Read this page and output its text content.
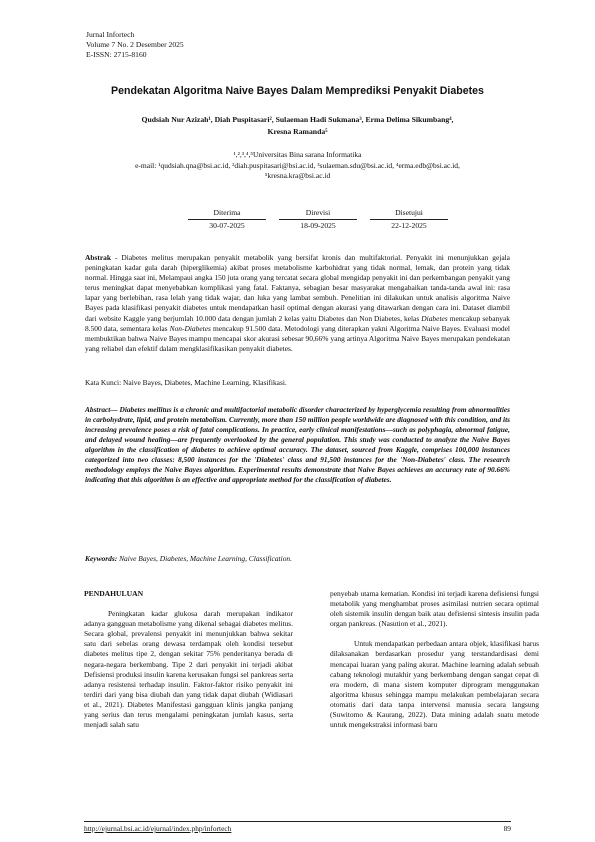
Jurnal Infortech
Volume 7 No. 2 Desember 2025
E-ISSN: 2715-8160
Pendekatan Algoritma Naive Bayes Dalam Memprediksi Penyakit Diabetes
Qudsiah Nur Azizah¹, Diah Puspitasari², Sulaeman Hadi Sukmana³, Erma Delima Sikumbang⁴,
Kresna Ramanda⁵
¹,²,³,⁴,⁵Universitas Bina sarana Informatika
e-mail: ¹qudsiah.qna@bsi.ac.id, ²diah.puspitasari@bsi.ac.id, ³sulaeman.sdu@bsi.ac.id, ⁴erma.edb@bsi.ac.id,
⁵kresna.kra@bsi.ac.id
Diterima
30-07-2025
Direvisi
18-09-2025
Disetujui
22-12-2025
Abstrak - Diabetes melitus merupakan penyakit metabolik yang bersifat kronis dan multifaktorial. Penyakit ini menunjukkan gejala peningkatan kadar gula darah (hiperglikemia) akibat proses metabolisme karbohidrat yang tidak normal, lemak, dan protein yang tidak normal. Hingga saat ini, Melampaui angka 150 juta orang yang tercatat secara global mengidap penyakit ini dan perkembangan penyakit yang terus meningkat dapat menyebabkan komplikasi yang fatal. Faktanya, sebagian besar masyarakat mengabaikan tanda-tanda awal ini: rasa lapar yang berlebihan, rasa lelah yang tidak wajar, dan luka yang lambat sembuh. Penelitian ini dilakukan untuk analisis algoritma Naive Bayes pada klasifikasi penyakit diabetes untuk mendapatkan hasil optimal dengan akurasi yang ditawarkan dengan cara ini. Dataset diambil dari website Kaggle yang berjumlah 10.000 data dengan jumlah 2 kelas yaitu Diabetes dan Non Diabetes, kelas Diabetes mencakup sebanyak 8.500 data, sementara kelas Non-Diabetes mencakup 91.500 data. Metodologi yang diterapkan yakni Algoritma Naive Bayes. Evaluasi model membuktikan bahwa Naive Bayes mampu mencapai skor akurasi sebesar 90,66% yang artinya Algoritma Naive Bayes merupakan pendekatan yang reliabel dan efektif dalam mengklasifikasikan penyakit diabetes.
Kata Kunci: Naive Bayes, Diabetes, Machine Learning, Klasifikasi.
Abstract— Diabetes mellitus is a chronic and multifactorial metabolic disorder characterized by hyperglycemia resulting from abnormalities in carbohydrate, lipid, and protein metabolism. Currently, more than 150 million people worldwide are diagnosed with this condition, and its increasing prevalence poses a risk of fatal complications. In practice, early clinical manifestations—such as polyphagia, abnormal fatigue, and delayed wound healing—are frequently overlooked by the general population. This study was conducted to analyze the Naive Bayes algorithm in the classification of diabetes to achieve optimal accuracy. The dataset, sourced from Kaggle, comprises 100,000 instances categorized into two classes: 8,500 instances for the 'Diabetes' class and 91,500 instances for the 'Non-Diabetes' class. The research methodology employs the Naive Bayes algorithm. Experimental results demonstrate that Naive Bayes achieves an accuracy rate of 90.66% indicating that this algorithm is an effective and appropriate method for the classification of diabetes.
Keywords: Naive Bayes, Diabetes, Machine Learning, Classification.
PENDAHULUAN

Peningkatan kadar glukosa darah merupakan indikator adanya gangguan metabolisme yang dikenal sebagai diabetes melitus. Secara global, prevalensi penyakit ini menunjukkan bahwa sekitar satu dari sebelas orang dewasa terdampak oleh kondisi tersebut diabetes melitus tipe 2, dengan sekitar 75% penderitanya berada di negara-negara berkembang. Tipe 2 dari penyakit ini terjadi akibat Defisiensi produksi insulin karena kerusakan fungsi sel pankreas serta adanya resistensi terhadap insulin. Faktor-faktor risiko penyakit ini terdiri dari yang bisa diubah dan yang tidak dapat diubah (Widiasari et al., 2021). Diabetes Manifestasi gangguan klinis jangka panjang yang serius dan terus mengalami peningkatan jumlah kasus, serta menjadi salah satu

penyebab utama kematian. Kondisi ini terjadi karena defisiensi fungsi metabolik yang menghambat proses asimilasi nutrien secara optimal oleh sistemik insulin dengan baik atau defisiensi sintesis insulin pada organ pankreas. (Nasution et al., 2021).

Untuk mendapatkan perbedaan antara objek, klasifikasi harus dilaksanakan berdasarkan prosedur yang terstandardisasi demi mencapai luaran yang paling akurat. Machine learning adalah sebuah cabang teknologi mutakhir yang berkembang dengan sangat cepat di era modern, di mana sistem komputer diprogram menggunakan algoritma khusus sehingga mampu melakukan pembelajaran secara otomatis dari data tanpa intervensi manusia secara langsung (Suwitomo & Kaurang, 2022). Data mining adalah suatu metode untuk mengekstraksi informasi baru

http://ejurnal.bsi.ac.id/ejurnal/index.php/infortech	89
